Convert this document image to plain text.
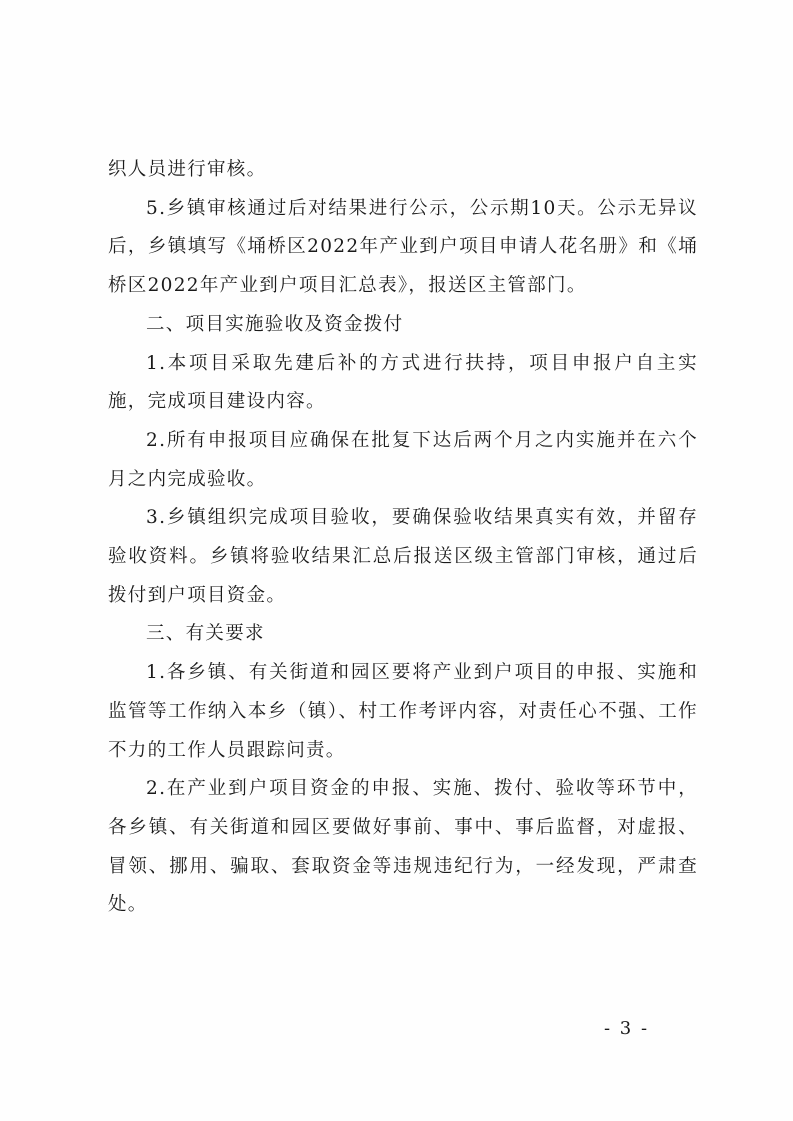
织人员进行审核。

5.乡镇审核通过后对结果进行公示，公示期10天。公示无异议后，乡镇填写《埇桥区2022年产业到户项目申请人花名册》和《埇桥区2022年产业到户项目汇总表》，报送区主管部门。

二、项目实施验收及资金拨付

1.本项目采取先建后补的方式进行扶持，项目申报户自主实施，完成项目建设内容。

2.所有申报项目应确保在批复下达后两个月之内实施并在六个月之内完成验收。

3.乡镇组织完成项目验收，要确保验收结果真实有效，并留存验收资料。乡镇将验收结果汇总后报送区级主管部门审核，通过后拨付到户项目资金。

三、有关要求

1.各乡镇、有关街道和园区要将产业到户项目的申报、实施和监管等工作纳入本乡（镇）、村工作考评内容，对责任心不强、工作不力的工作人员跟踪问责。

2.在产业到户项目资金的申报、实施、拨付、验收等环节中，各乡镇、有关街道和园区要做好事前、事中、事后监督，对虚报、冒领、挪用、骗取、套取资金等违规违纪行为，一经发现，严肃查处。

- 3 -
